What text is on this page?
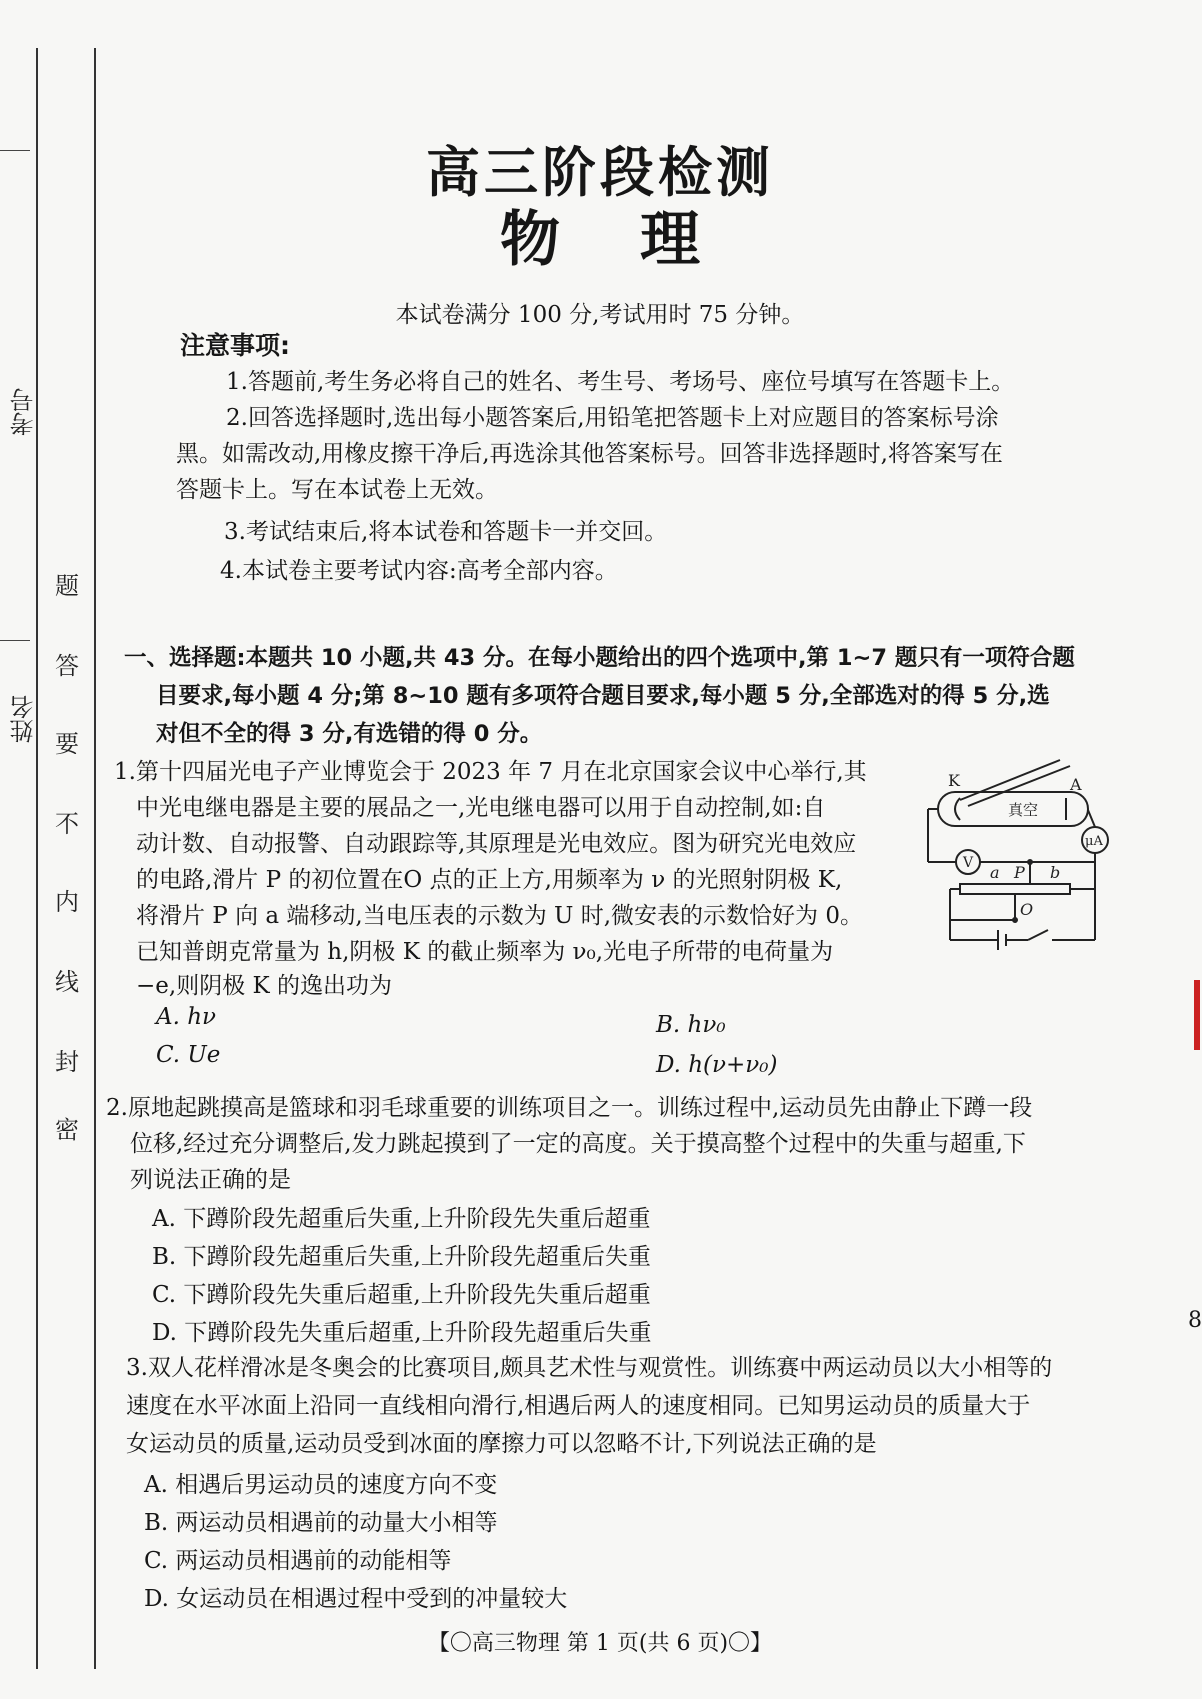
考号
姓名
密
封
线
内
不
要
答
题
高三阶段检测
物理
本试卷满分 100 分,考试用时 75 分钟。
注意事项:
1.答题前,考生务必将自己的姓名、考生号、考场号、座位号填写在答题卡上。
2.回答选择题时,选出每小题答案后,用铅笔把答题卡上对应题目的答案标号涂
黑。如需改动,用橡皮擦干净后,再选涂其他答案标号。回答非选择题时,将答案写在
答题卡上。写在本试卷上无效。
3.考试结束后,将本试卷和答题卡一并交回。
4.本试卷主要考试内容:高考全部内容。
一、选择题:本题共 10 小题,共 43 分。在每小题给出的四个选项中,第 1~7 题只有一项符合题
目要求,每小题 4 分;第 8~10 题有多项符合题目要求,每小题 5 分,全部选对的得 5 分,选
对但不全的得 3 分,有选错的得 0 分。
1.第十四届光电子产业博览会于 2023 年 7 月在北京国家会议中心举行,其
中光电继电器是主要的展品之一,光电继电器可以用于自动控制,如:自
动计数、自动报警、自动跟踪等,其原理是光电效应。图为研究光电效应
的电路,滑片 P 的初位置在O 点的正上方,用频率为 ν 的光照射阴极 K,
将滑片 P 向 a 端移动,当电压表的示数为 U 时,微安表的示数恰好为 0。
已知普朗克常量为 h,阴极 K 的截止频率为 ν₀,光电子所带的电荷量为
−e,则阴极 K 的逸出功为
A. hν	B. hν₀
C. Ue	D. h(ν+ν₀)
K	A
真空
μA
V a P b
O
2.原地起跳摸高是篮球和羽毛球重要的训练项目之一。训练过程中,运动员先由静止下蹲一段
位移,经过充分调整后,发力跳起摸到了一定的高度。关于摸高整个过程中的失重与超重,下
列说法正确的是
A. 下蹲阶段先超重后失重,上升阶段先失重后超重
B. 下蹲阶段先超重后失重,上升阶段先超重后失重
C. 下蹲阶段先失重后超重,上升阶段先失重后超重
D. 下蹲阶段先失重后超重,上升阶段先超重后失重
3.双人花样滑冰是冬奥会的比赛项目,颇具艺术性与观赏性。训练赛中两运动员以大小相等的
速度在水平冰面上沿同一直线相向滑行,相遇后两人的速度相同。已知男运动员的质量大于
女运动员的质量,运动员受到冰面的摩擦力可以忽略不计,下列说法正确的是
A. 相遇后男运动员的速度方向不变
B. 两运动员相遇前的动量大小相等
C. 两运动员相遇前的动能相等
D. 女运动员在相遇过程中受到的冲量较大
【〇高三物理 第 1 页(共 6 页)〇】
8
